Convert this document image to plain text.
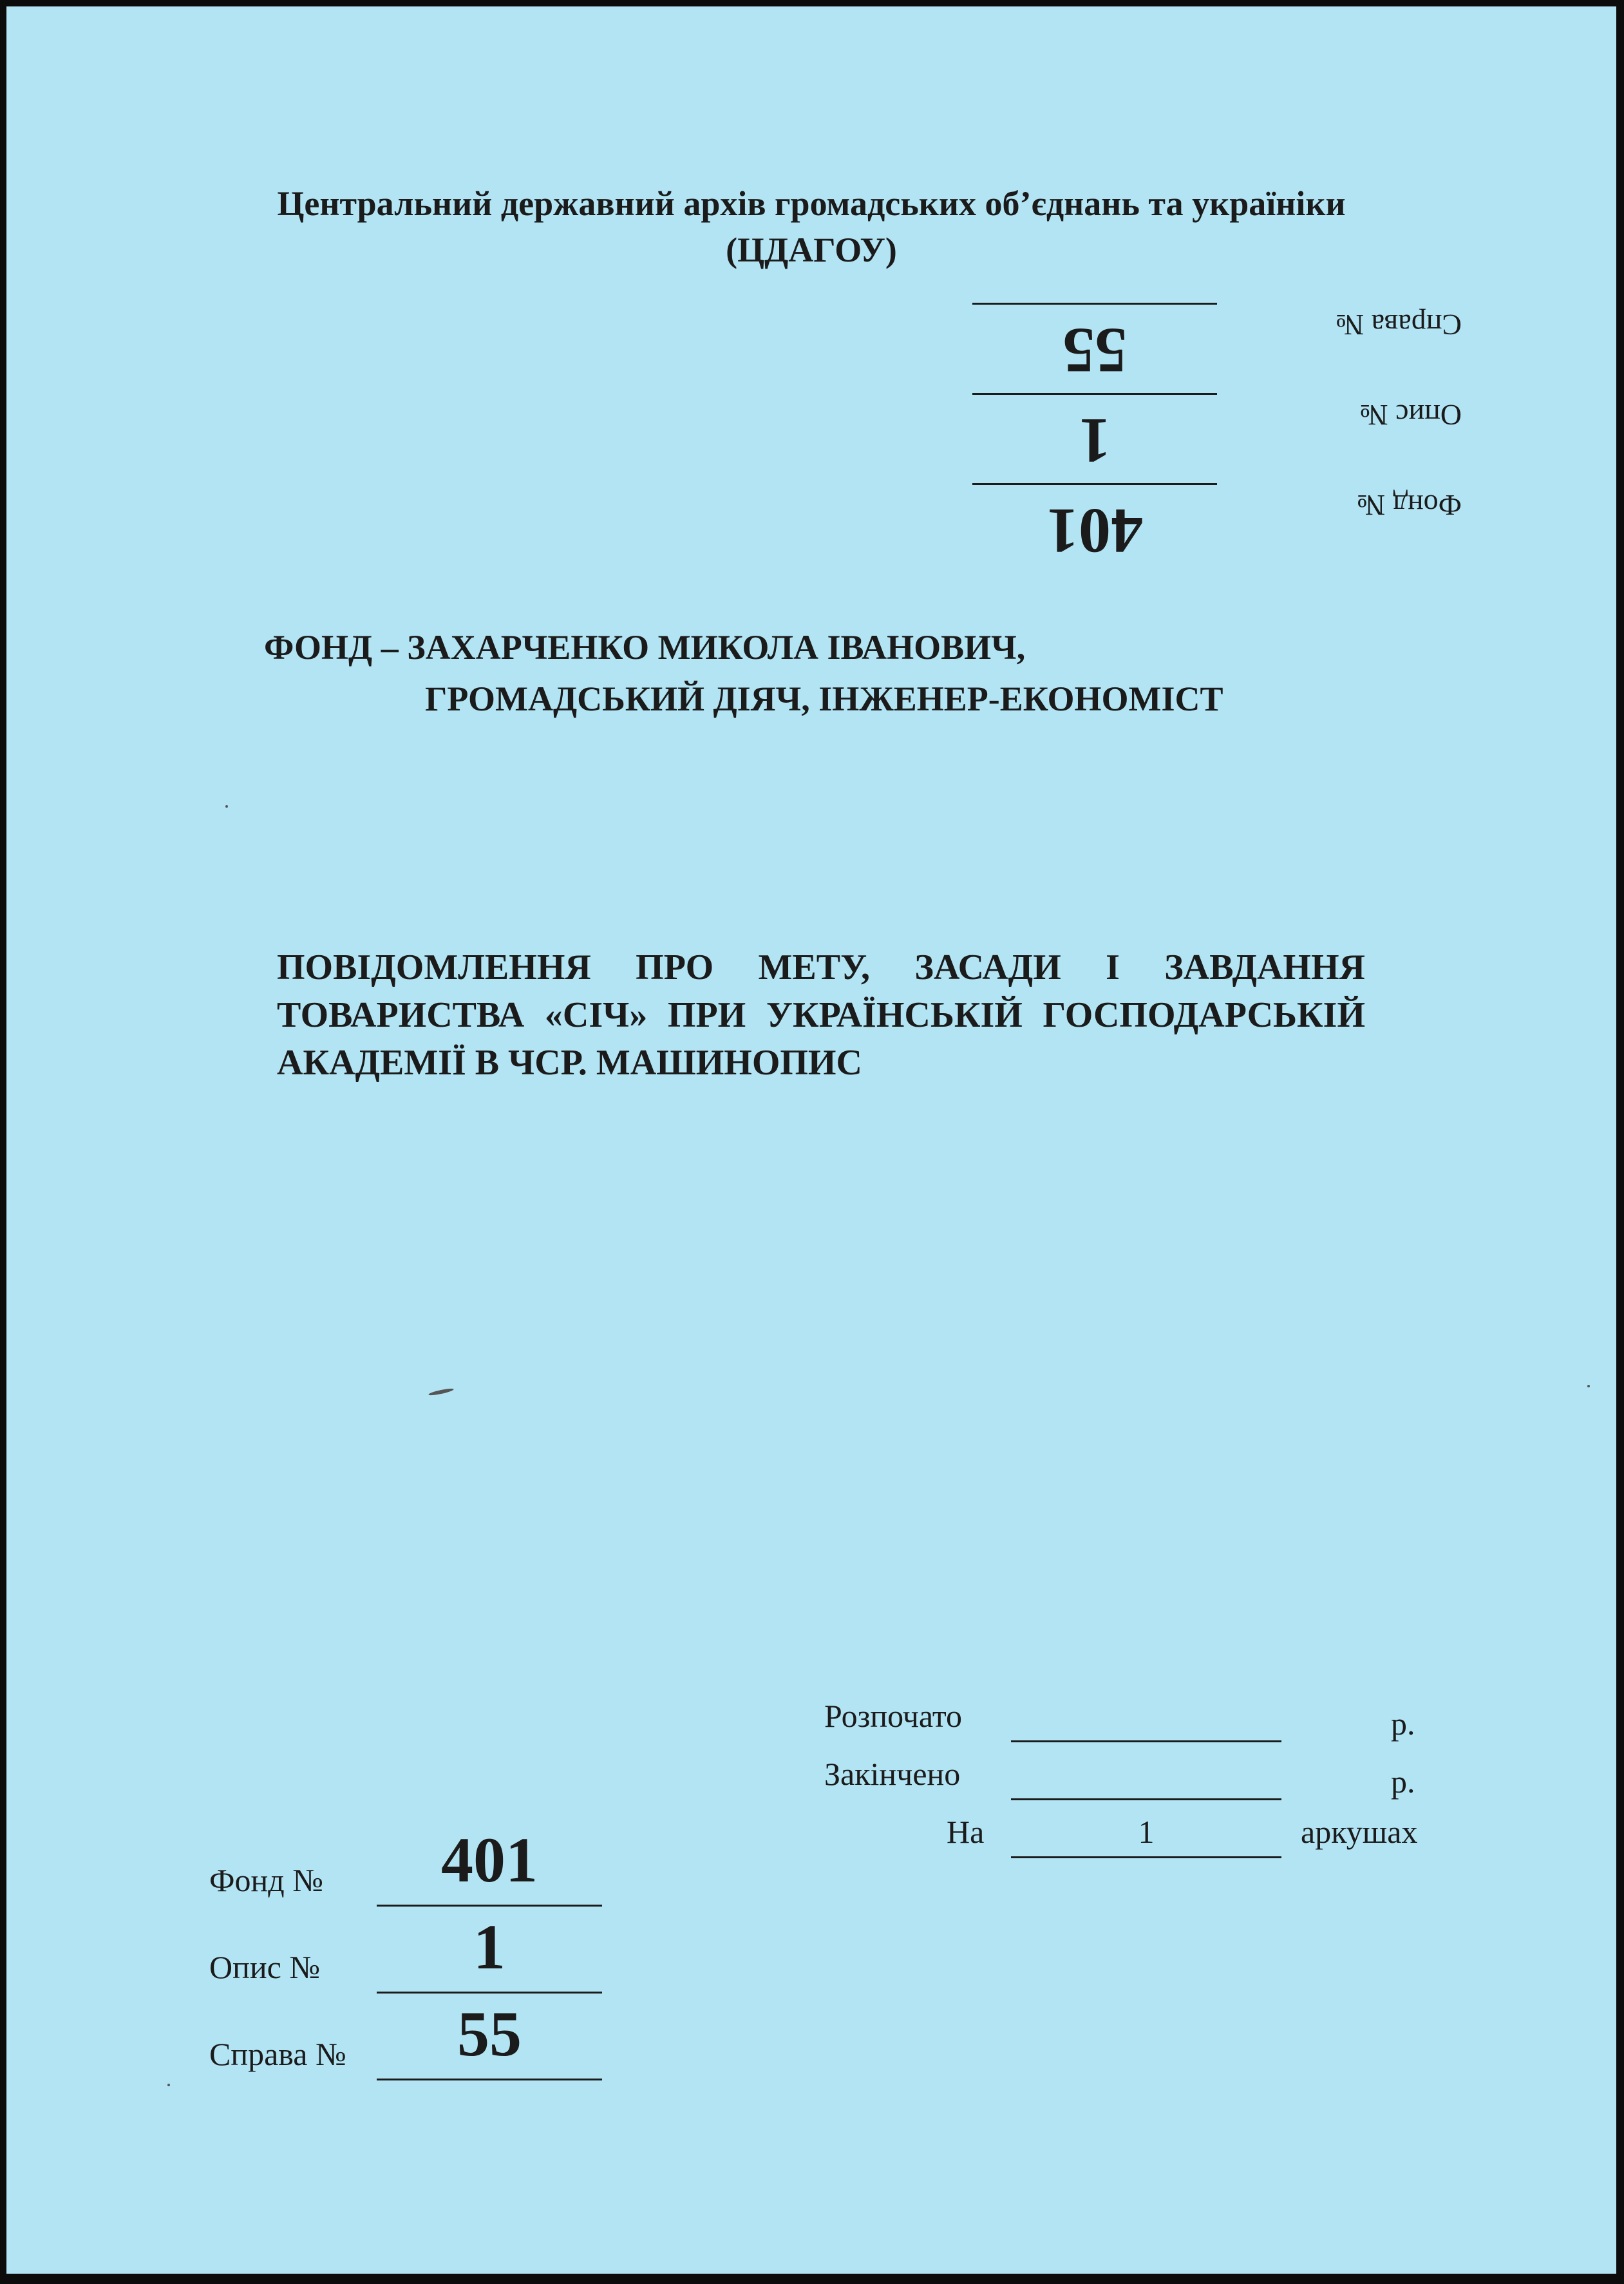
Центральний державний архів громадських об’єднань та україніки
(ЦДАГОУ)
Справа №
55
Опис №
1
Фонд №
401
ФОНД – ЗАХАРЧЕНКО МИКОЛА ІВАНОВИЧ,
ГРОМАДСЬКИЙ ДІЯЧ, ІНЖЕНЕР-ЕКОНОМІСТ
ПОВІДОМЛЕННЯ ПРО МЕТУ, ЗАСАДИ І ЗАВДАННЯ ТОВАРИСТВА «СІЧ» ПРИ УКРАЇНСЬКІЙ ГОСПОДАРСЬКІЙ АКАДЕМІЇ В ЧСР. МАШИНОПИС
Розпочато	р.
Закінчено	р.
На	1	аркушах
Фонд №	401
Опис №	1
Справа №	55
